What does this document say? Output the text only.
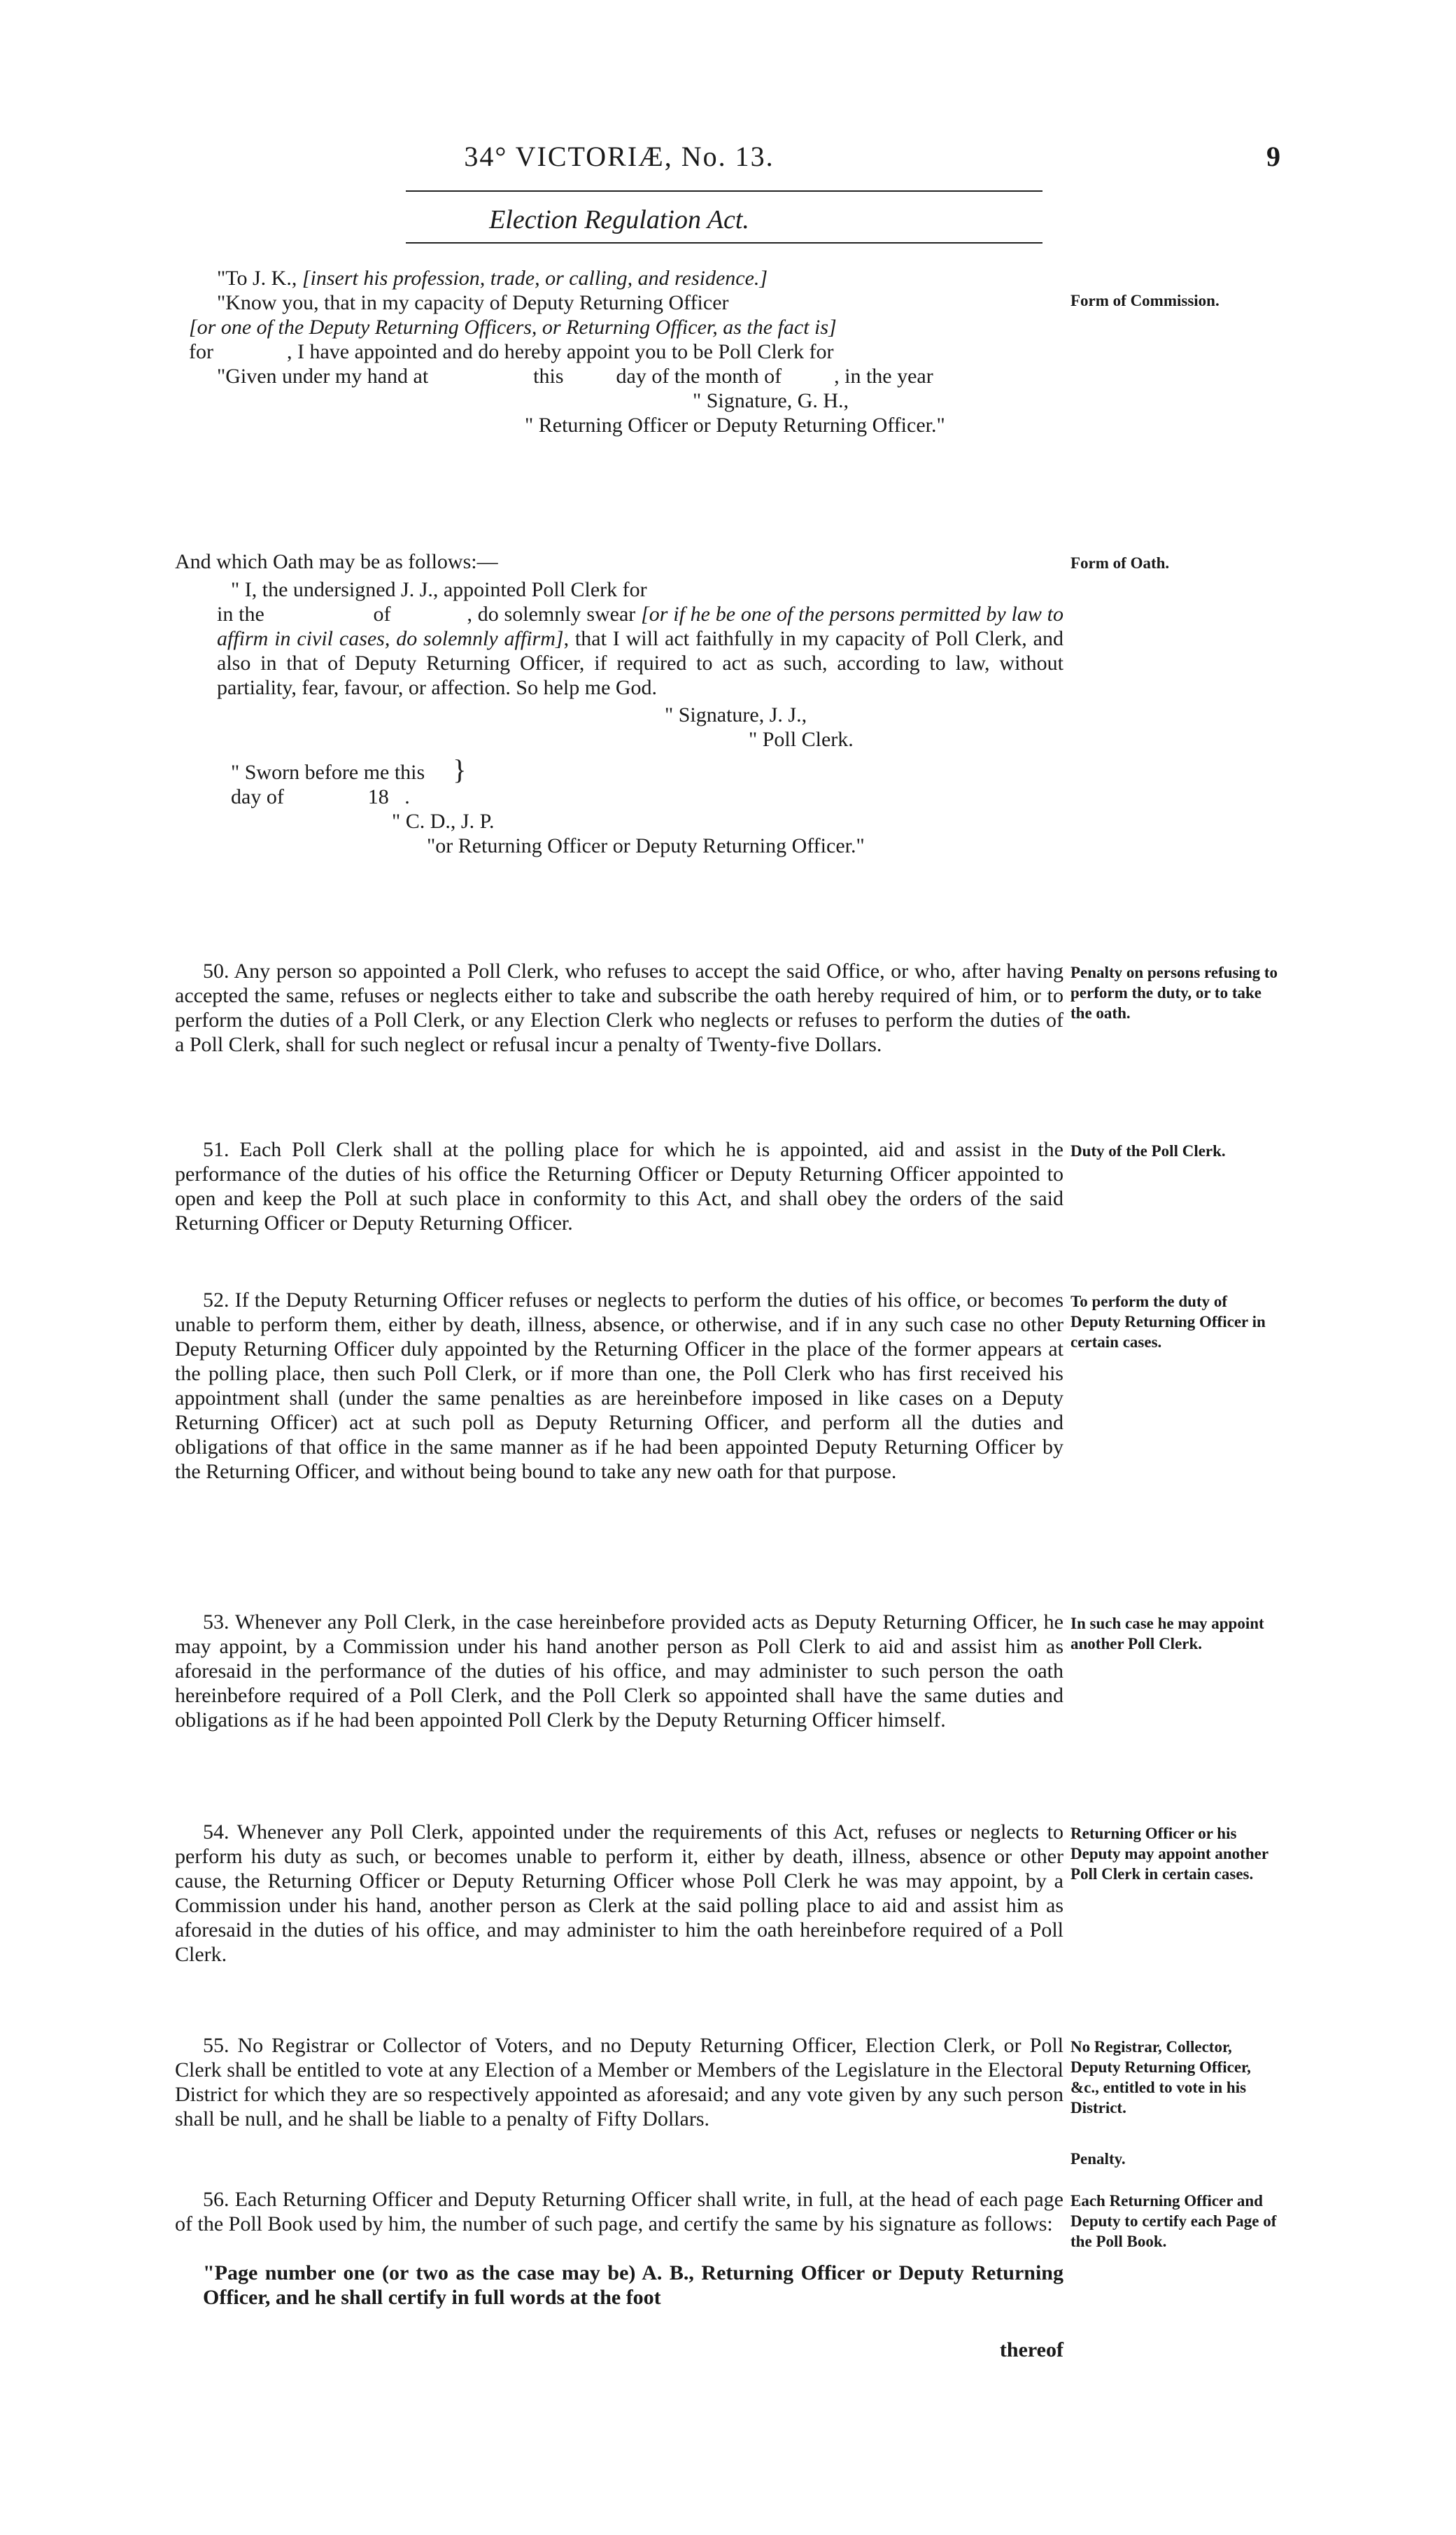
34° VICTORIÆ, No. 13.	9
Election Regulation Act.

"To J. K., [insert his profession, trade, or calling, and residence.]

"Know you, that in my capacity of Deputy Returning Officer

[or one of the Deputy Returning Officers, or Returning Officer, as the fact is]

for              , I have appointed and do hereby appoint you to be Poll Clerk for

"Given under my hand at                    this          day of the month of          , in the year

" Signature, G. H.,

" Returning Officer or Deputy Returning Officer."

And which Oath may be as follows:—

" I, the undersigned J. J., appointed Poll Clerk for

in the                    of              , do solemnly swear [or if he be one of the persons permitted by law to affirm in civil cases, do solemnly affirm], that I will act faithfully in my capacity of Poll Clerk, and also in that of Deputy Returning Officer, if required to act as such, according to law, without partiality, fear, favour, or affection. So help me God.

" Signature, J. J.,

" Poll Clerk.

" Sworn before me this }

day of                18   .

" C. D., J. P.

"or Returning Officer or Deputy Returning Officer."

50. Any person so appointed a Poll Clerk, who refuses to accept the said Office, or who, after having accepted the same, refuses or neglects either to take and subscribe the oath hereby required of him, or to perform the duties of a Poll Clerk, or any Election Clerk who neglects or refuses to perform the duties of a Poll Clerk, shall for such neglect or refusal incur a penalty of Twenty-five Dollars.
51. Each Poll Clerk shall at the polling place for which he is appointed, aid and assist in the performance of the duties of his office the Returning Officer or Deputy Returning Officer appointed to open and keep the Poll at such place in conformity to this Act, and shall obey the orders of the said Returning Officer or Deputy Returning Officer.
52. If the Deputy Returning Officer refuses or neglects to perform the duties of his office, or becomes unable to perform them, either by death, illness, absence, or otherwise, and if in any such case no other Deputy Returning Officer duly appointed by the Returning Officer in the place of the former appears at the polling place, then such Poll Clerk, or if more than one, the Poll Clerk who has first received his appointment shall (under the same penalties as are hereinbefore imposed in like cases on a Deputy Returning Officer) act at such poll as Deputy Returning Officer, and perform all the duties and obligations of that office in the same manner as if he had been appointed Deputy Returning Officer by the Returning Officer, and without being bound to take any new oath for that purpose.
53. Whenever any Poll Clerk, in the case hereinbefore provided acts as Deputy Returning Officer, he may appoint, by a Commission under his hand another person as Poll Clerk to aid and assist him as aforesaid in the performance of the duties of his office, and may administer to such person the oath hereinbefore required of a Poll Clerk, and the Poll Clerk so appointed shall have the same duties and obligations as if he had been appointed Poll Clerk by the Deputy Returning Officer himself.
54. Whenever any Poll Clerk, appointed under the requirements of this Act, refuses or neglects to perform his duty as such, or becomes unable to perform it, either by death, illness, absence or other cause, the Returning Officer or Deputy Returning Officer whose Poll Clerk he was may appoint, by a Commission under his hand, another person as Clerk at the said polling place to aid and assist him as aforesaid in the duties of his office, and may administer to him the oath hereinbefore required of a Poll Clerk.
55. No Registrar or Collector of Voters, and no Deputy Returning Officer, Election Clerk, or Poll Clerk shall be entitled to vote at any Election of a Member or Members of the Legislature in the Electoral District for which they are so respectively appointed as aforesaid; and any vote given by any such person shall be null, and he shall be liable to a penalty of Fifty Dollars.
56. Each Returning Officer and Deputy Returning Officer shall write, in full, at the head of each page of the Poll Book used by him, the number of such page, and certify the same by his signature as follows:
"Page number one (or two as the case may be) A. B., Returning Officer or Deputy Returning Officer, and he shall certify in full words at the foot
thereof
Form of Commission.
Form of Oath.
Penalty on persons refusing to perform the duty, or to take the oath.
Duty of the Poll Clerk.
To perform the duty of Deputy Returning Officer in certain cases.
In such case he may appoint another Poll Clerk.
Returning Officer or his Deputy may appoint another Poll Clerk in certain cases.
No Registrar, Collector, Deputy Returning Officer, &c., entitled to vote in his District.
Penalty.
Each Returning Officer and Deputy to certify each Page of the Poll Book.
